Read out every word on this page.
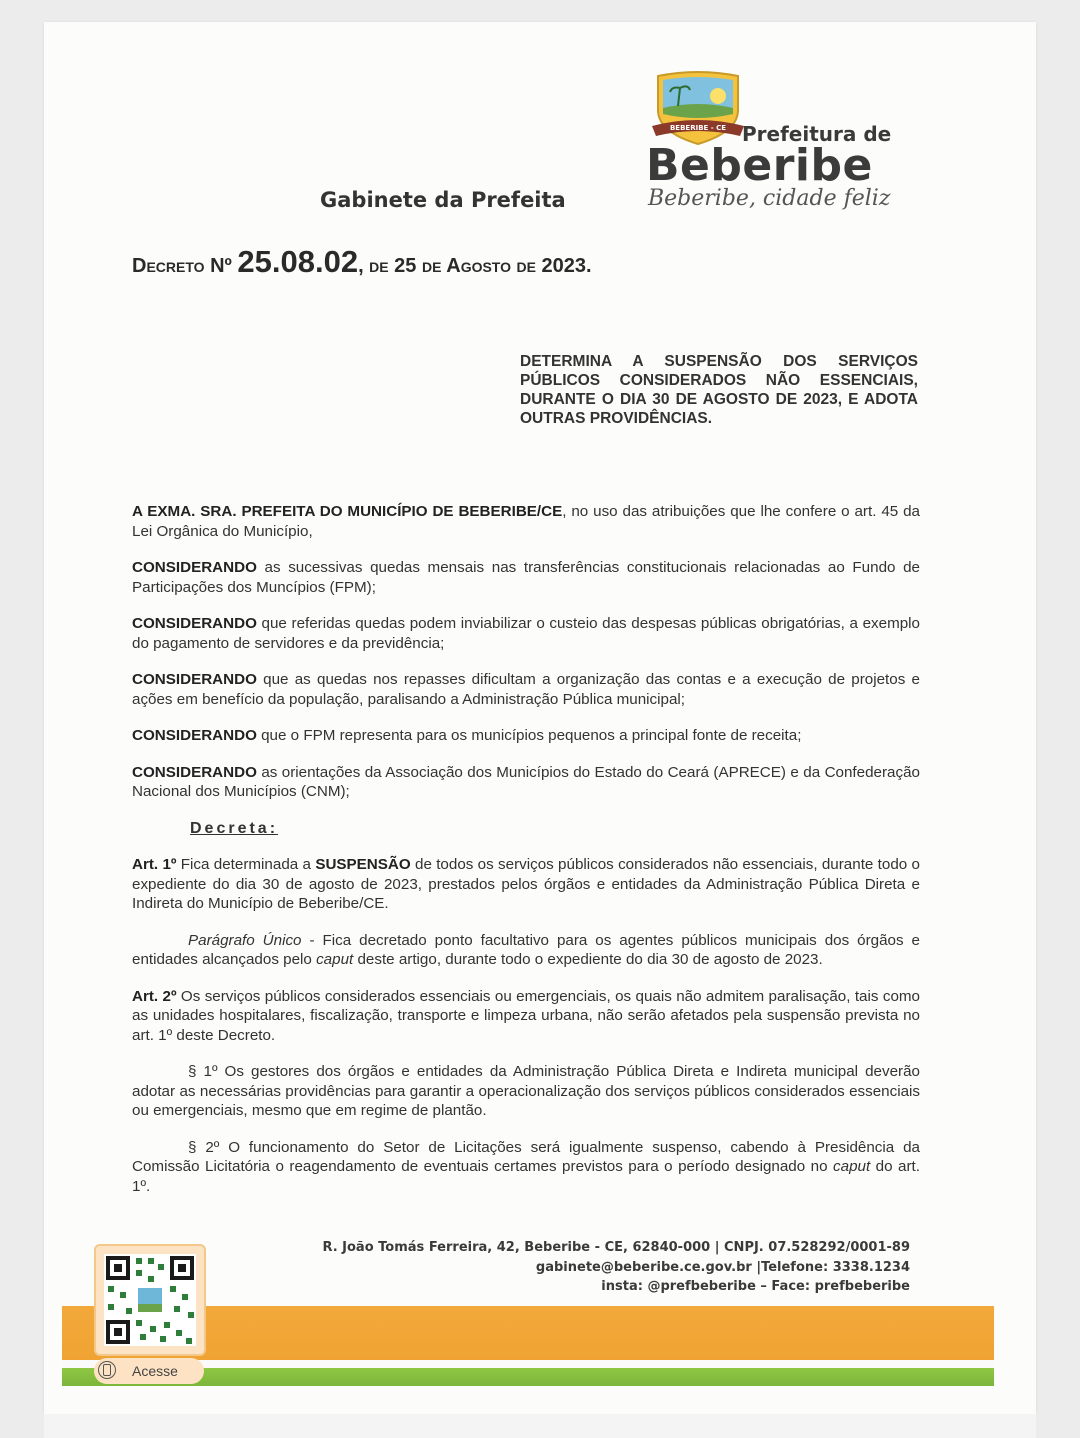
BEBERIBE - CE Prefeitura de
Beberibe
Beberibe, cidade feliz
Gabinete da Prefeita
Decreto Nº 25.08.02, de 25 de Agosto de 2023.
DETERMINA A SUSPENSÃO DOS SERVIÇOS PÚBLICOS CONSIDERADOS NÃO ESSENCIAIS, DURANTE O DIA 30 DE AGOSTO DE 2023, E ADOTA OUTRAS PROVIDÊNCIAS.

A EXMA. SRA. PREFEITA DO MUNICÍPIO DE BEBERIBE/CE, no uso das atribuições que lhe confere o art. 45 da Lei Orgânica do Município,

CONSIDERANDO as sucessivas quedas mensais nas transferências constitucionais relacionadas ao Fundo de Participações dos Muncípios (FPM);

CONSIDERANDO que referidas quedas podem inviabilizar o custeio das despesas públicas obrigatórias, a exemplo do pagamento de servidores e da previdência;

CONSIDERANDO que as quedas nos repasses dificultam a organização das contas e a execução de projetos e ações em benefício da população, paralisando a Administração Pública municipal;

CONSIDERANDO que o FPM representa para os municípios pequenos a principal fonte de receita;

CONSIDERANDO as orientações da Associação dos Municípios do Estado do Ceará (APRECE) e da Confederação Nacional dos Municípios (CNM);

Decreta:

Art. 1º Fica determinada a SUSPENSÃO de todos os serviços públicos considerados não essenciais, durante todo o expediente do dia 30 de agosto de 2023, prestados pelos órgãos e entidades da Administração Pública Direta e Indireta do Município de Beberibe/CE.

Parágrafo Único - Fica decretado ponto facultativo para os agentes públicos municipais dos órgãos e entidades alcançados pelo caput deste artigo, durante todo o expediente do dia 30 de agosto de 2023.

Art. 2º Os serviços públicos considerados essenciais ou emergenciais, os quais não admitem paralisação, tais como as unidades hospitalares, fiscalização, transporte e limpeza urbana, não serão afetados pela suspensão prevista no art. 1º deste Decreto.

§ 1º Os gestores dos órgãos e entidades da Administração Pública Direta e Indireta municipal deverão adotar as necessárias providências para garantir a operacionalização dos serviços públicos considerados essenciais ou emergenciais, mesmo que em regime de plantão.

§ 2º O funcionamento do Setor de Licitações será igualmente suspenso, cabendo à Presidência da Comissão Licitatória o reagendamento de eventuais certames previstos para o período designado no caput do art. 1º.

R. João Tomás Ferreira, 42, Beberibe - CE, 62840-000 | CNPJ. 07.528292/0001-89
gabinete@beberibe.ce.gov.br |Telefone: 3338.1234
insta: @prefbeberibe – Face: prefbeberibe
Acesse
